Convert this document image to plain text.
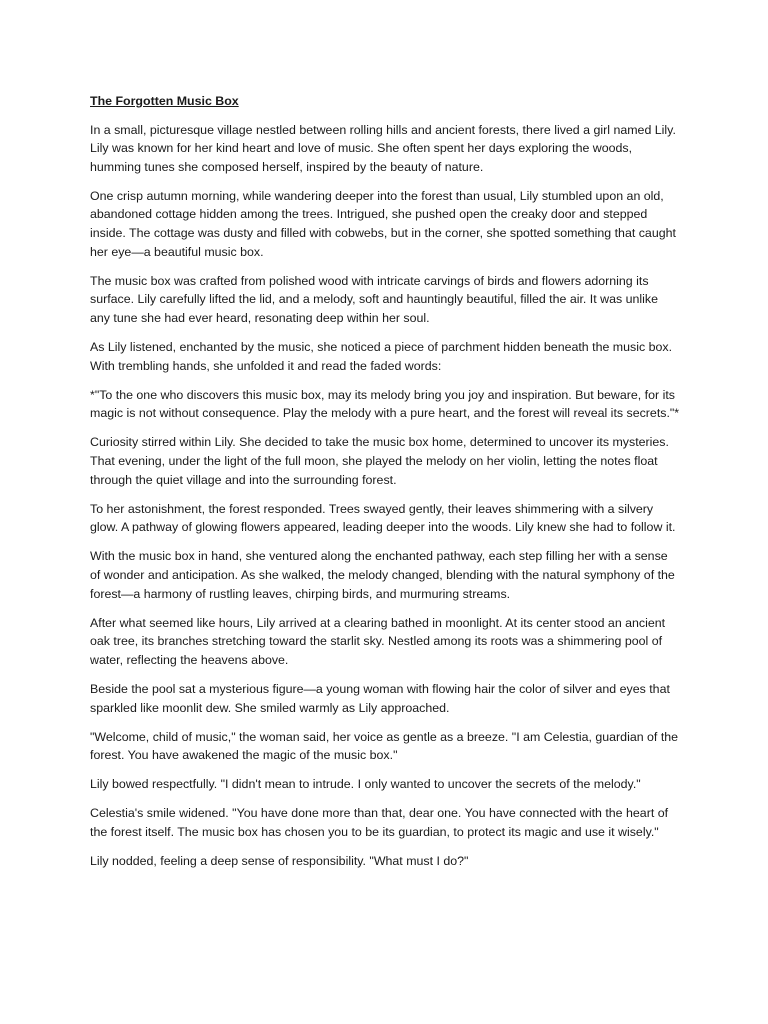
The Forgotten Music Box

In a small, picturesque village nestled between rolling hills and ancient forests, there lived a girl named Lily. Lily was known for her kind heart and love of music. She often spent her days exploring the woods, humming tunes she composed herself, inspired by the beauty of nature.

One crisp autumn morning, while wandering deeper into the forest than usual, Lily stumbled upon an old, abandoned cottage hidden among the trees. Intrigued, she pushed open the creaky door and stepped inside. The cottage was dusty and filled with cobwebs, but in the corner, she spotted something that caught her eye—a beautiful music box.

The music box was crafted from polished wood with intricate carvings of birds and flowers adorning its surface. Lily carefully lifted the lid, and a melody, soft and hauntingly beautiful, filled the air. It was unlike any tune she had ever heard, resonating deep within her soul.

As Lily listened, enchanted by the music, she noticed a piece of parchment hidden beneath the music box. With trembling hands, she unfolded it and read the faded words:

*"To the one who discovers this music box, may its melody bring you joy and inspiration. But beware, for its magic is not without consequence. Play the melody with a pure heart, and the forest will reveal its secrets."*

Curiosity stirred within Lily. She decided to take the music box home, determined to uncover its mysteries. That evening, under the light of the full moon, she played the melody on her violin, letting the notes float through the quiet village and into the surrounding forest.

To her astonishment, the forest responded. Trees swayed gently, their leaves shimmering with a silvery glow. A pathway of glowing flowers appeared, leading deeper into the woods. Lily knew she had to follow it.

With the music box in hand, she ventured along the enchanted pathway, each step filling her with a sense of wonder and anticipation. As she walked, the melody changed, blending with the natural symphony of the forest—a harmony of rustling leaves, chirping birds, and murmuring streams.

After what seemed like hours, Lily arrived at a clearing bathed in moonlight. At its center stood an ancient oak tree, its branches stretching toward the starlit sky. Nestled among its roots was a shimmering pool of water, reflecting the heavens above.

Beside the pool sat a mysterious figure—a young woman with flowing hair the color of silver and eyes that sparkled like moonlit dew. She smiled warmly as Lily approached.

"Welcome, child of music," the woman said, her voice as gentle as a breeze. "I am Celestia, guardian of the forest. You have awakened the magic of the music box."

Lily bowed respectfully. "I didn't mean to intrude. I only wanted to uncover the secrets of the melody."

Celestia's smile widened. "You have done more than that, dear one. You have connected with the heart of the forest itself. The music box has chosen you to be its guardian, to protect its magic and use it wisely."

Lily nodded, feeling a deep sense of responsibility. "What must I do?"
